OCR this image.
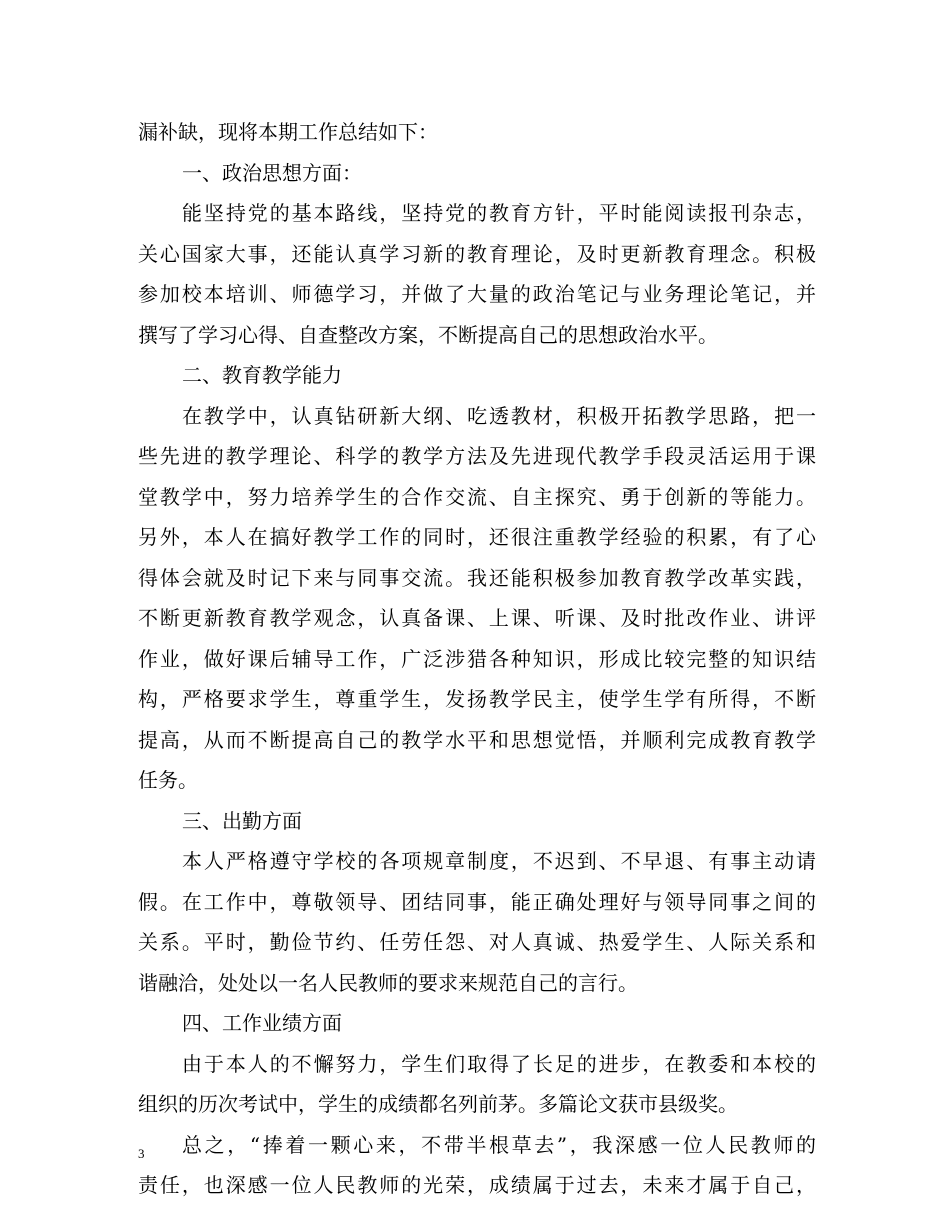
漏补缺，现将本期工作总结如下：
一、政治思想方面：
能坚持党的基本路线，坚持党的教育方针，平时能阅读报刊杂志，
关心国家大事，还能认真学习新的教育理论，及时更新教育理念。积极
参加校本培训、师德学习，并做了大量的政治笔记与业务理论笔记，并
撰写了学习心得、自查整改方案，不断提高自己的思想政治水平。
二、教育教学能力
在教学中，认真钻研新大纲、吃透教材，积极开拓教学思路，把一
些先进的教学理论、科学的教学方法及先进现代教学手段灵活运用于课
堂教学中，努力培养学生的合作交流、自主探究、勇于创新的等能力。
另外，本人在搞好教学工作的同时，还很注重教学经验的积累，有了心
得体会就及时记下来与同事交流。我还能积极参加教育教学改革实践，
不断更新教育教学观念，认真备课、上课、听课、及时批改作业、讲评
作业，做好课后辅导工作，广泛涉猎各种知识，形成比较完整的知识结
构，严格要求学生，尊重学生，发扬教学民主，使学生学有所得，不断
提高，从而不断提高自己的教学水平和思想觉悟，并顺利完成教育教学
任务。
三、出勤方面
本人严格遵守学校的各项规章制度，不迟到、不早退、有事主动请
假。在工作中，尊敬领导、团结同事，能正确处理好与领导同事之间的
关系。平时，勤俭节约、任劳任怨、对人真诚、热爱学生、人际关系和
谐融洽，处处以一名人民教师的要求来规范自己的言行。
四、工作业绩方面
由于本人的不懈努力，学生们取得了长足的进步，在教委和本校的
组织的历次考试中，学生的成绩都名列前茅。多篇论文获市县级奖。
总之，“捧着一颗心来，不带半根草去”，我深感一位人民教师的
责任，也深感一位人民教师的光荣，成绩属于过去，未来才属于自己，
3
